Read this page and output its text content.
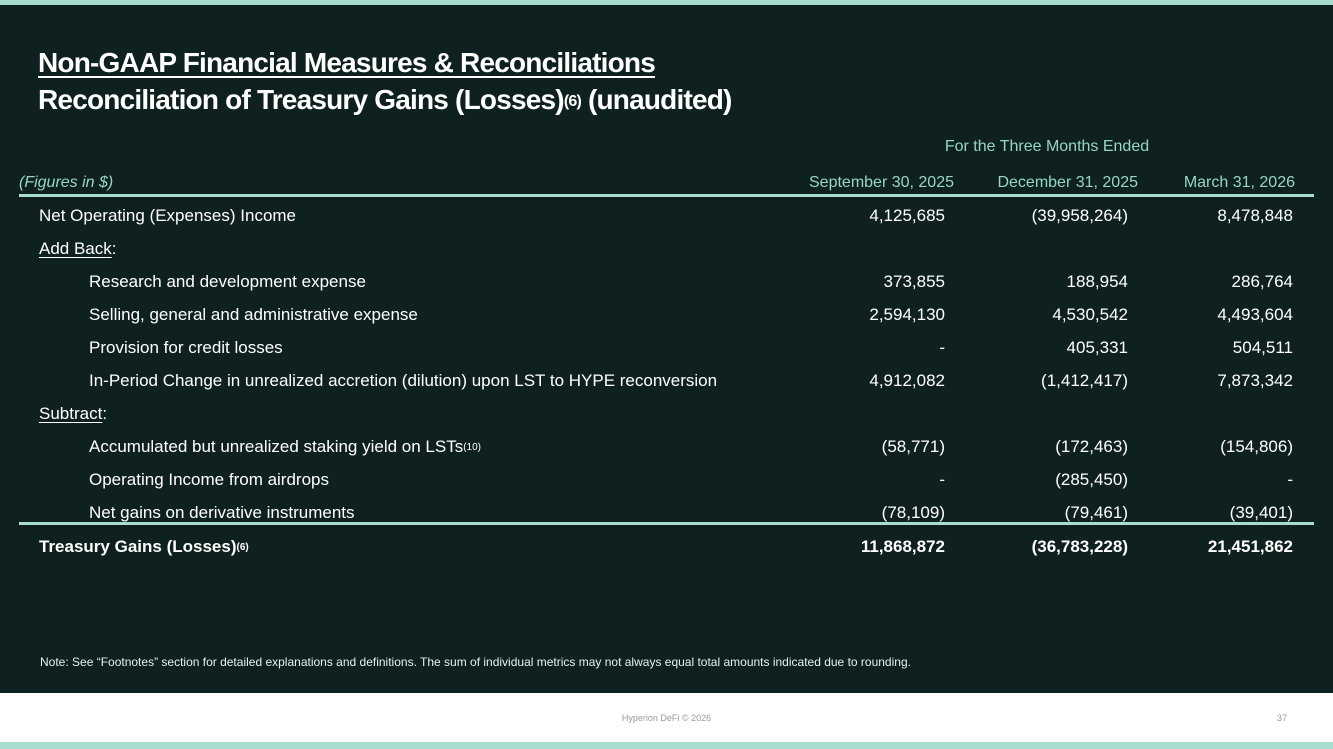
Non-GAAP Financial Measures & Reconciliations
Reconciliation of Treasury Gains (Losses)$^{(6)}$ (unaudited)
For the Three Months Ended
(Figures in $)	September 30, 2025	December 31, 2025	March 31, 2026
Net Operating (Expenses) Income	4,125,685	(39,958,264)	8,478,848
Add Back:
Research and development expense	373,855	188,954	286,764
Selling, general and administrative expense	2,594,130	4,530,542	4,493,604
Provision for credit losses	-	405,331	504,511
In-Period Change in unrealized accretion (dilution) upon LST to HYPE reconversion	4,912,082	(1,412,417)	7,873,342
Subtract:
Accumulated but unrealized staking yield on LSTs$^{(10)}$	(58,771)	(172,463)	(154,806)
Operating Income from airdrops	-	(285,450)	-
Net gains on derivative instruments	(78,109)	(79,461)	(39,401)
Treasury Gains (Losses)$^{(6)}$	11,868,872	(36,783,228)	21,451,862
Note: See “Footnotes” section for detailed explanations and definitions. The sum of individual metrics may not always equal total amounts indicated due to rounding.
Hyperion DeFi © 2026	37
